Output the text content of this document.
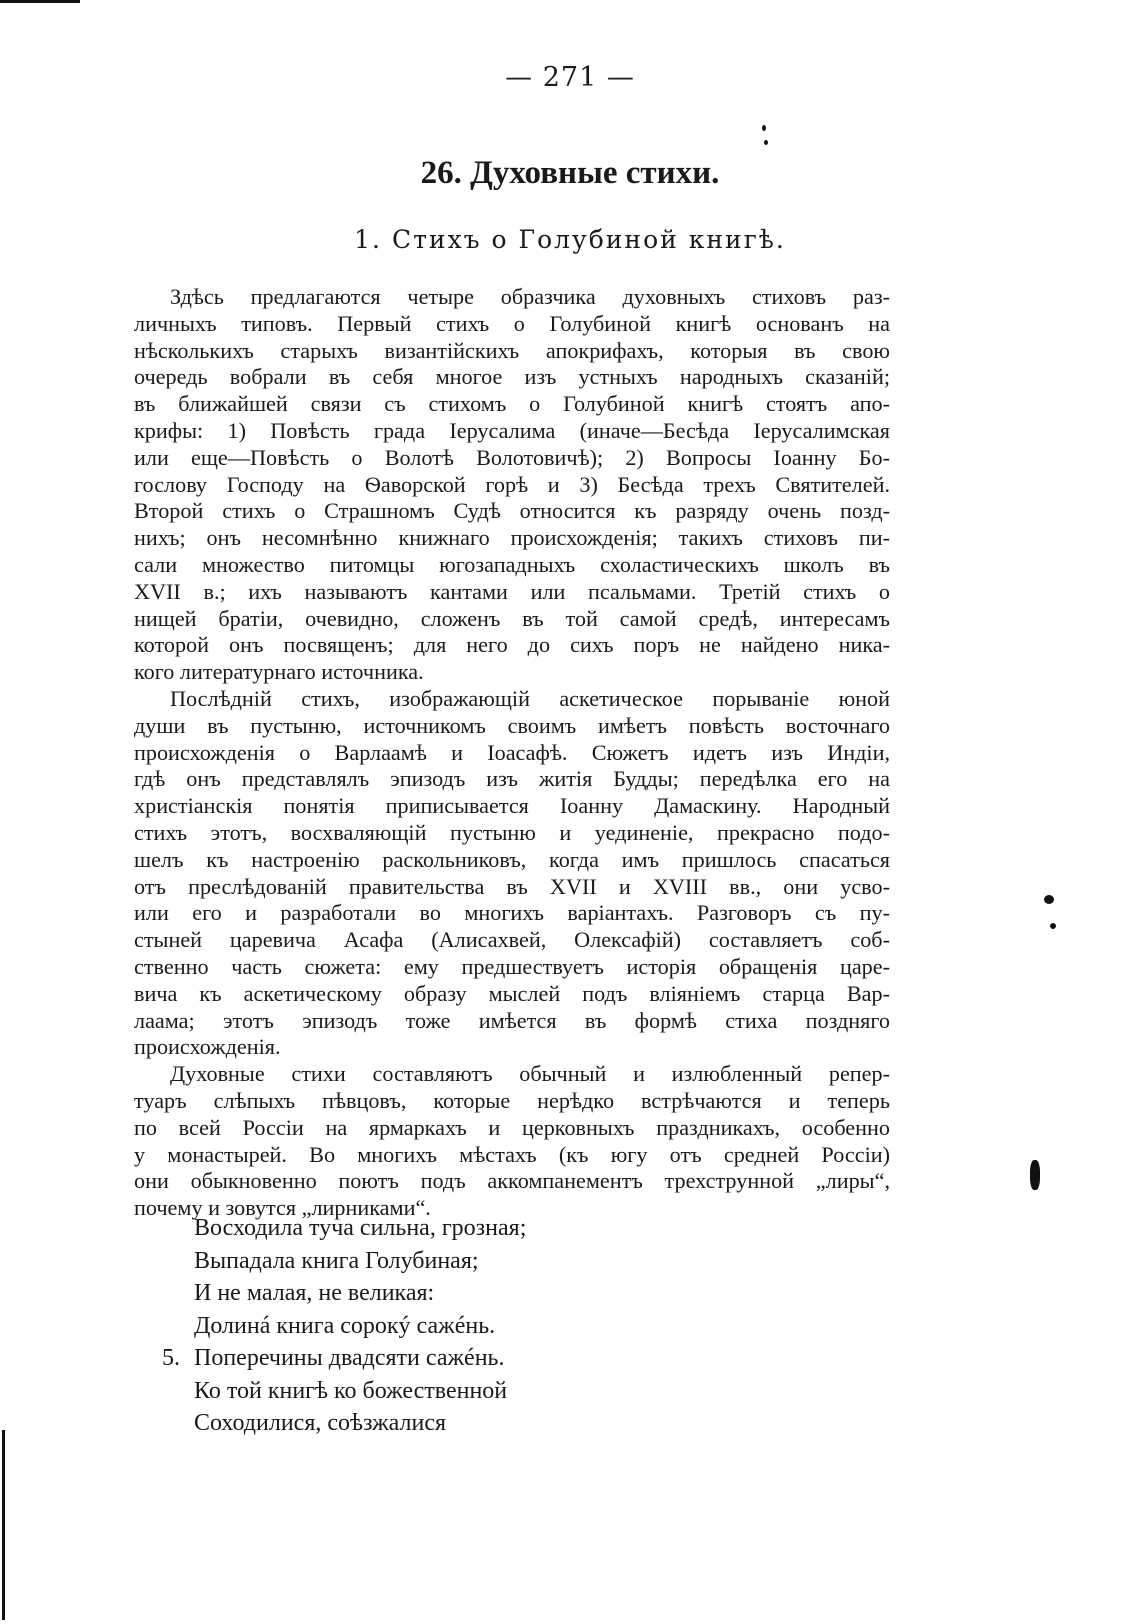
— 271 —
26. Духовные стихи.
1. Стихъ о Голубиной книгѣ.
Здѣсь предлагаются четыре образчика духовныхъ стиховъ раз-
личныхъ типовъ. Первый стихъ о Голубиной книгѣ основанъ на
нѣсколькихъ старыхъ византійскихъ апокрифахъ, которыя въ свою
очередь вобрали въ себя многое изъ устныхъ народныхъ сказаній;
въ ближайшей связи съ стихомъ о Голубиной книгѣ стоятъ апо-
крифы: 1) Повѣсть града Іерусалима (иначе—Бесѣда Іерусалимская
или еще—Повѣсть о Волотѣ Волотовичѣ); 2) Вопросы Іоанну Бо-
гослову Господу на Ѳаворской горѣ и 3) Бесѣда трехъ Святителей.
Второй стихъ о Страшномъ Судѣ относится къ разряду очень позд-
нихъ; онъ несомнѣнно книжнаго происхожденія; такихъ стиховъ пи-
сали множество питомцы югозападныхъ схоластическихъ школъ въ
XVII в.; ихъ называютъ кантами или псальмами. Третій стихъ о
нищей братіи, очевидно, сложенъ въ той самой средѣ, интересамъ
которой онъ посвященъ; для него до сихъ поръ не найдено ника-
кого литературнаго источника.
Послѣдній стихъ, изображающій аскетическое порываніе юной
души въ пустыню, источникомъ своимъ имѣетъ повѣсть восточнаго
происхожденія о Варлаамѣ и Іоасафѣ. Сюжетъ идетъ изъ Индіи,
гдѣ онъ представлялъ эпизодъ изъ житія Будды; передѣлка его на
христіанскія понятія приписывается Іоанну Дамаскину. Народный
стихъ этотъ, восхваляющій пустыню и уединеніе, прекрасно подо-
шелъ къ настроенію раскольниковъ, когда имъ пришлось спасаться
отъ преслѣдованій правительства въ XVII и XVIII вв., они усво-
или его и разработали во многихъ варіантахъ. Разговоръ съ пу-
стыней царевича Асафа (Алисахвей, Олексафій) составляетъ соб-
ственно часть сюжета: ему предшествуетъ исторія обращенія царе-
вича къ аскетическому образу мыслей подъ вліяніемъ старца Вар-
лаама; этотъ эпизодъ тоже имѣется въ формѣ стиха поздняго
происхожденія.
Духовные стихи составляютъ обычный и излюбленный репер-
туаръ слѣпыхъ пѣвцовъ, которые нерѣдко встрѣчаются и теперь
по всей Россіи на ярмаркахъ и церковныхъ праздникахъ, особенно
у монастырей. Во многихъ мѣстахъ (къ югу отъ средней Россіи)
они обыкновенно поютъ подъ аккомпанементъ трехструнной „лиры“,
почему и зовутся „лирниками“.
Восходила туча сильна, грозная;
Выпадала книга Голубиная;
И не малая, не великая:
Долинá книга сорокý сажéнь.
5. Поперечины двадсяти сажéнь.
Ко той книгѣ ко божественной
Соходилися, соѣзжалися
